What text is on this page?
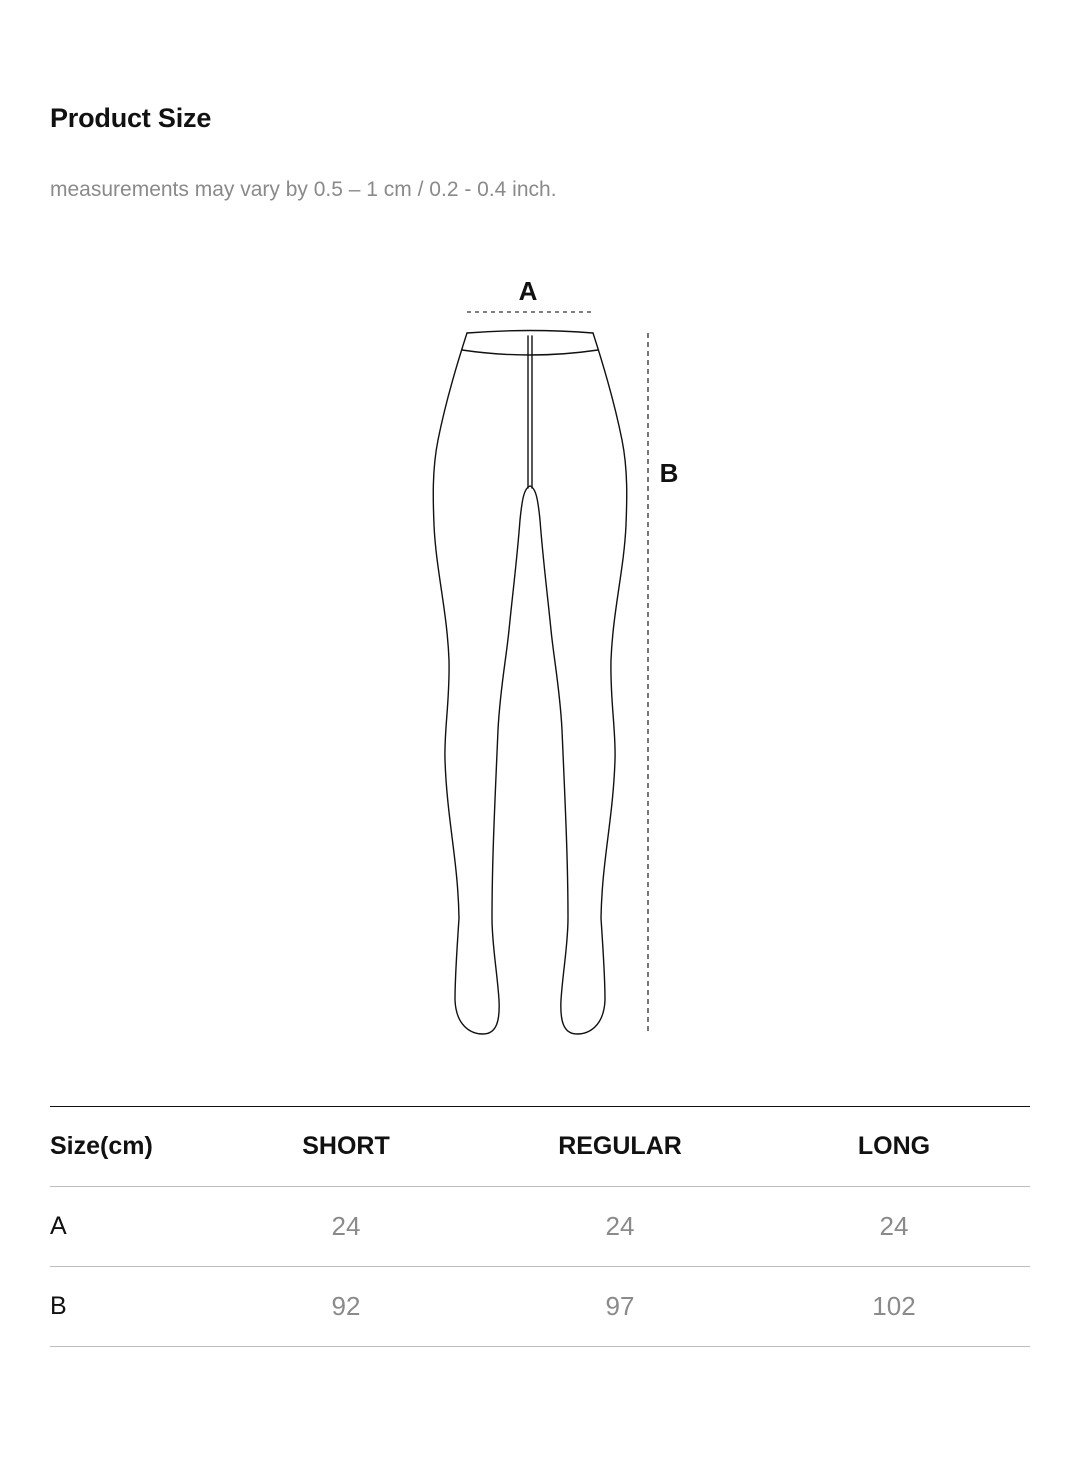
Product Size

measurements may vary by 0.5 – 1 cm / 0.2 - 0.4 inch.

A
B
Size(cm)	SHORT	REGULAR	LONG
A	24	24	24
B	92	97	102
